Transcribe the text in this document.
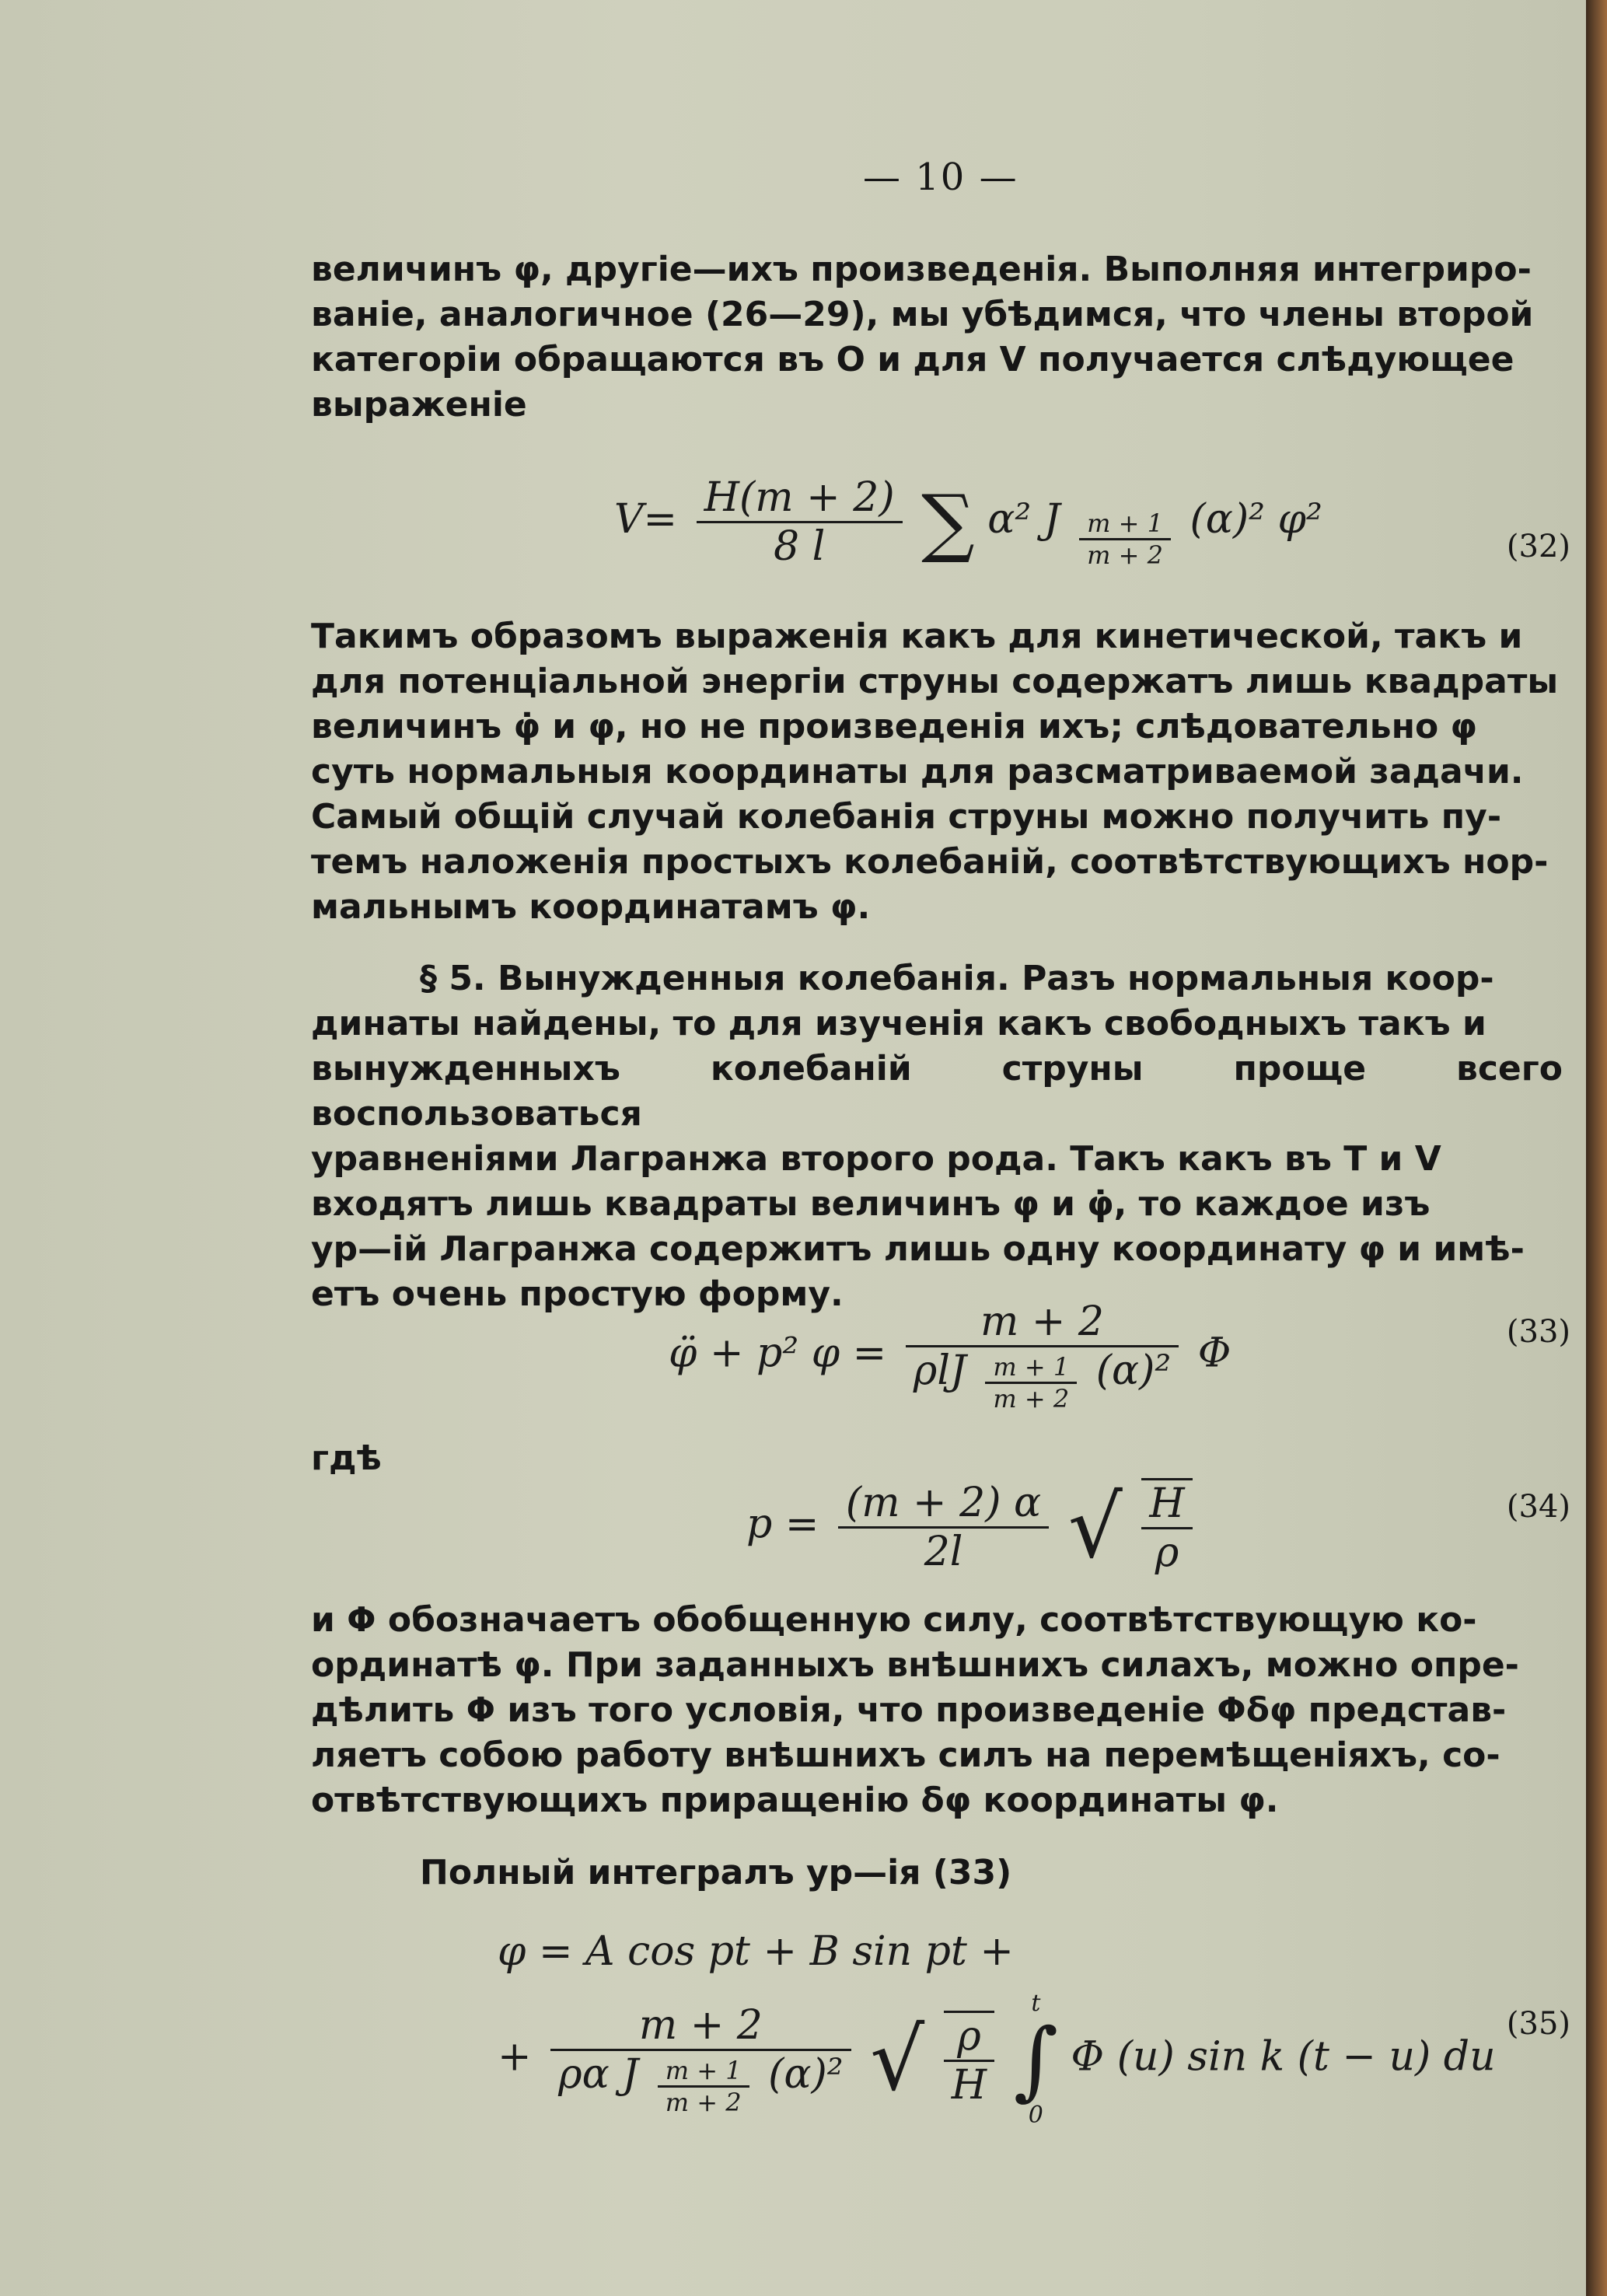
— 10 —

величинъ φ, другіе—ихъ произведенія. Выполняя интегриро-
ваніе, аналогичное (26—29), мы убѣдимся, что члены второй
категоріи обращаются въ O и для V получается слѣдующее
выраженіе

$V= \frac{H(m + 2)}{8 l}$ ∑ α² J $\frac{m + 1}{m + 2} (\alpha)^2$ φ²
(32)

Такимъ образомъ выраженія какъ для кинетической, такъ и
для потенціальной энергіи струны содержатъ лишь квадраты
величинъ φ̇ и φ, но не произведенія ихъ; слѣдовательно φ
суть нормальныя координаты для разсматриваемой задачи.
Самый общій случай колебанія струны можно получить пу-
темъ наложенія простыхъ колебаній, соотвѣтствующихъ нор-
мальнымъ координатамъ φ.

§ 5. Вынужденныя колебанія. Разъ нормальныя коор-
динаты найдены, то для изученія какъ свободныхъ такъ и
вынужденныхъ колебаній струны проще всего воспользоваться
уравненіями Лагранжа второго рода. Такъ какъ въ T и V
входятъ лишь квадраты величинъ φ и φ̇, то каждое изъ
ур—ій Лагранжа содержитъ лишь одну координату φ и имѣ-
етъ очень простую форму.

φ̈ + p² φ =
m + 2
ρlJ $\frac{m + 1}{m + 2} (\alpha)^2$ Φ	(33)
гдѣ
$p = \frac{(m + 2) \alpha}{2l}$ √ $\frac{H}{\rho}$	(34)

и Φ обозначаетъ обобщенную силу, соотвѣтствующую ко-
ординатѣ φ. При заданныхъ внѣшнихъ силахъ, можно опре-
дѣлить Φ изъ того условія, что произведеніе Φδφ представ-
ляетъ собою работу внѣшнихъ силъ на перемѣщеніяхъ, со-
отвѣтствующихъ приращенію δφ координаты φ.

Полный интегралъ ур—ія (33)

φ = A cos pt + B sin pt +
+
m + 2
ρα J $\frac{m + 1}{m + 2} (\alpha)^2$ √ $\frac{\rho}{H}$

t
∫
0
Φ (u) sin k (t − u) du
(35)
